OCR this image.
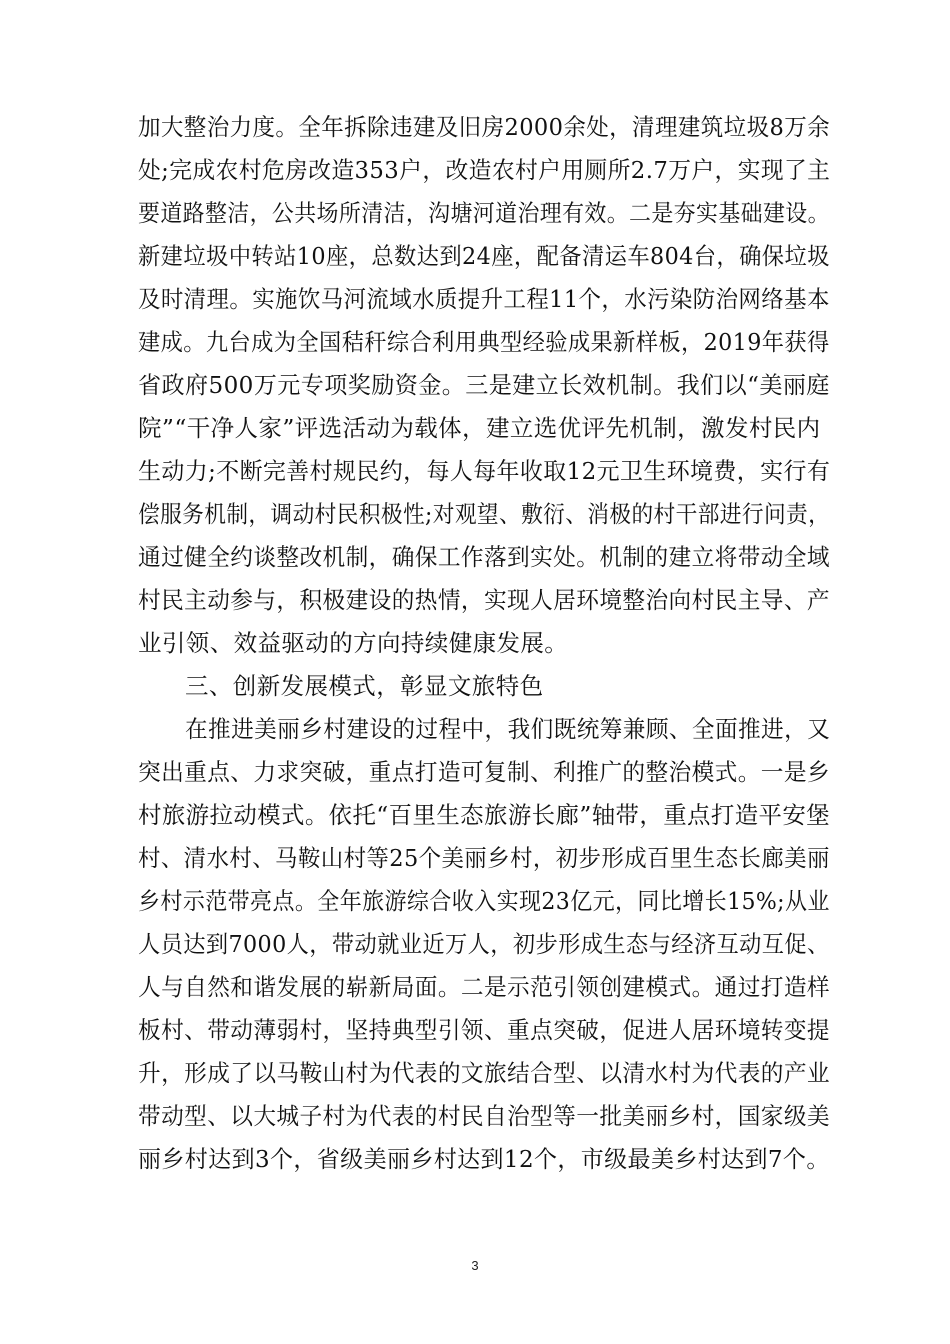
加大整治力度。全年拆除违建及旧房2000余处，清理建筑垃圾8万余
处;完成农村危房改造353户，改造农村户用厕所2.7万户，实现了主
要道路整洁，公共场所清洁，沟塘河道治理有效。二是夯实基础建设。
新建垃圾中转站10座，总数达到24座，配备清运车804台，确保垃圾
及时清理。实施饮马河流域水质提升工程11个，水污染防治网络基本
建成。九台成为全国秸秆综合利用典型经验成果新样板，2019年获得
省政府500万元专项奖励资金。三是建立长效机制。我们以“美丽庭
院”“干净人家”评选活动为载体，建立选优评先机制，激发村民内
生动力;不断完善村规民约，每人每年收取12元卫生环境费，实行有
偿服务机制，调动村民积极性;对观望、敷衍、消极的村干部进行问责，
通过健全约谈整改机制，确保工作落到实处。机制的建立将带动全域
村民主动参与，积极建设的热情，实现人居环境整治向村民主导、产
业引领、效益驱动的方向持续健康发展。
三、创新发展模式，彰显文旅特色
在推进美丽乡村建设的过程中，我们既统筹兼顾、全面推进，又
突出重点、力求突破，重点打造可复制、利推广的整治模式。一是乡
村旅游拉动模式。依托“百里生态旅游长廊”轴带，重点打造平安堡
村、清水村、马鞍山村等25个美丽乡村，初步形成百里生态长廊美丽
乡村示范带亮点。全年旅游综合收入实现23亿元，同比增长15%;从业
人员达到7000人，带动就业近万人，初步形成生态与经济互动互促、
人与自然和谐发展的崭新局面。二是示范引领创建模式。通过打造样
板村、带动薄弱村，坚持典型引领、重点突破，促进人居环境转变提
升，形成了以马鞍山村为代表的文旅结合型、以清水村为代表的产业
带动型、以大城子村为代表的村民自治型等一批美丽乡村，国家级美
丽乡村达到3个，省级美丽乡村达到12个，市级最美乡村达到7个。
3
